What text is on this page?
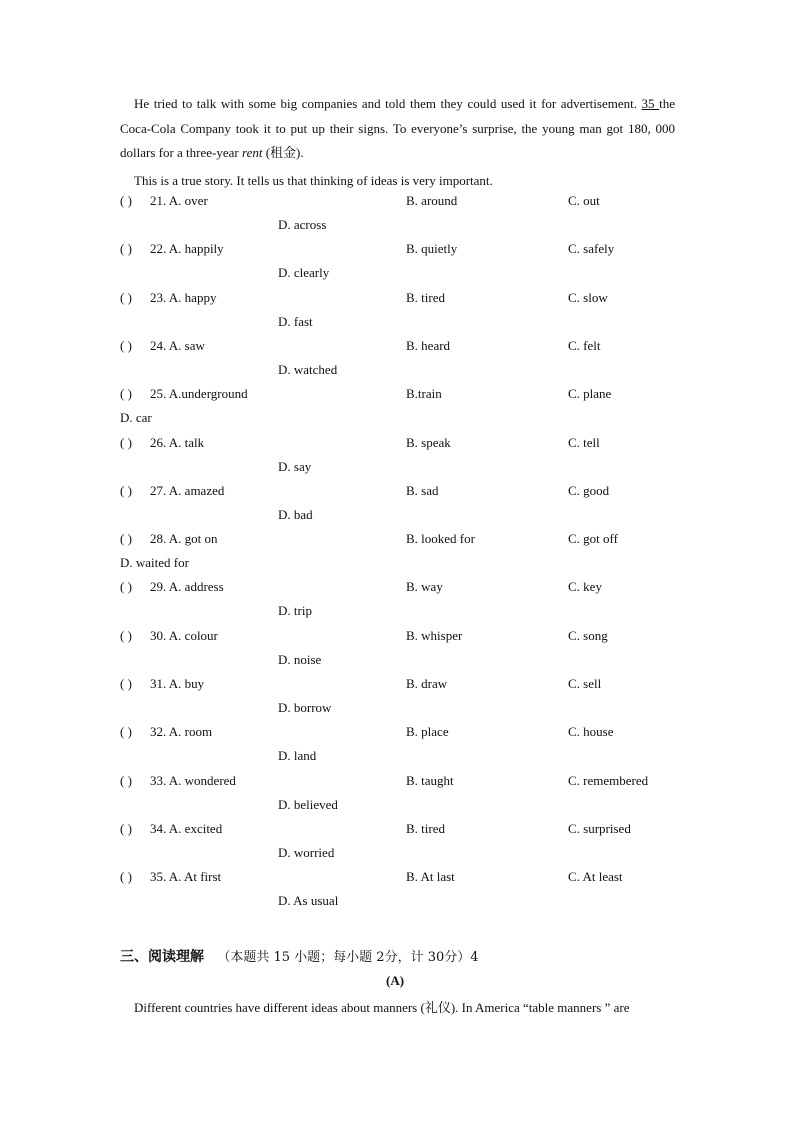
He tried to talk with some big companies and told them they could used it for advertisement. 35 the Coca-Cola Company took it to put up their signs. To everyone’s surprise, the young man got 180, 000 dollars for a three-year rent (租金).
This is a true story. It tells us that thinking of ideas is very important.
( ) 21. A. over	B. around	C. out
D. across
( ) 22. A. happily	B. quietly	C. safely
D. clearly
( ) 23. A. happy	B. tired	C. slow
D. fast
( ) 24. A. saw	B. heard	C. felt
D. watched
( ) 25. A.underground	B.train	C. plane
D. car
( ) 26. A. talk	B. speak	C. tell
D. say
( ) 27. A. amazed	B. sad	C. good
D. bad
( ) 28. A. got on	B. looked for	C. got off
D. waited for
( ) 29. A. address	B. way	C. key
D. trip
( ) 30. A. colour	B. whisper	C. song
D. noise
( ) 31. A. buy	B. draw	C. sell
D. borrow
( ) 32. A. room	B. place	C. house
D. land
( ) 33. A. wondered	B. taught	C. remembered
D. believed
( ) 34. A. excited	B. tired	C. surprised
D. worried
( ) 35. A. At first	B. At last	C. At least
D. As usual
三、阅读理解 （本题共 15 小题；每小题 2分，计 30分）4
(A)
Different countries have different ideas about manners (礼仪). In America “table manners ” are
